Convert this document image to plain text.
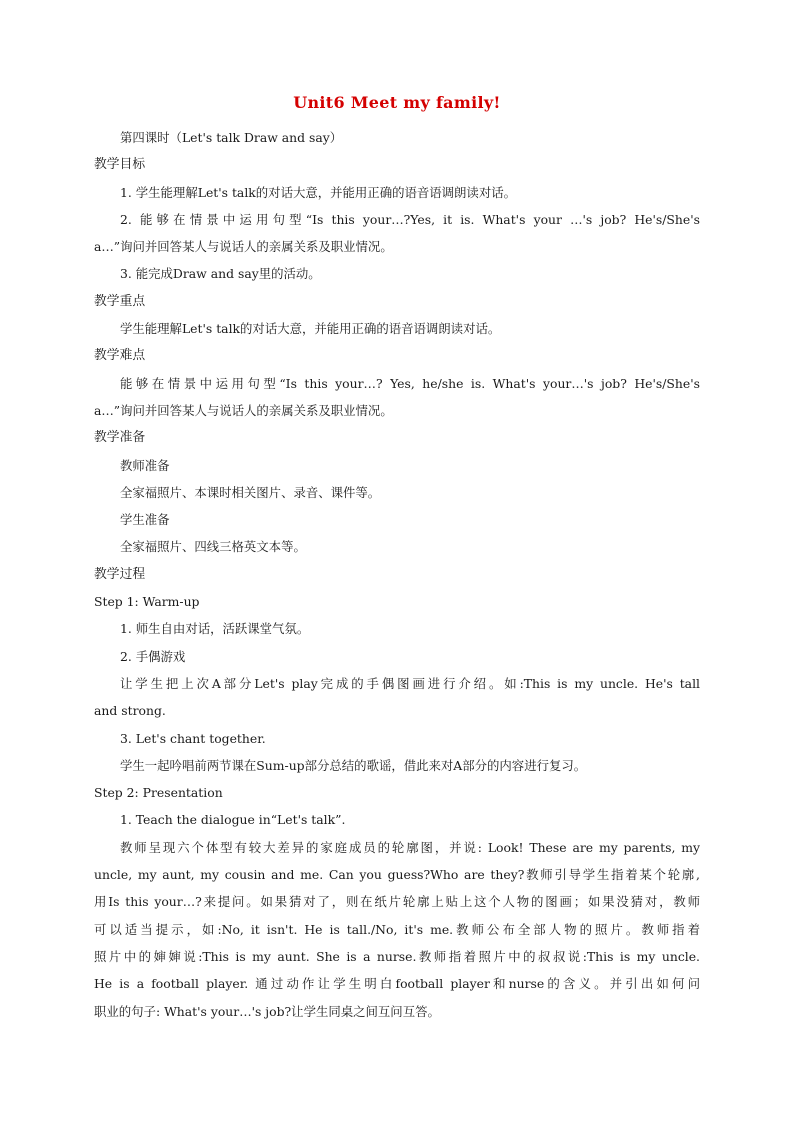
Unit6 Meet my family!
第四课时（Let's talk Draw and say）
教学目标
1. 学生能理解Let's talk的对话大意，并能用正确的语音语调朗读对话。
2. 能够在情景中运用句型“Is this your…?Yes, it is. What's your …'s job? He's/She's
a…”询问并回答某人与说话人的亲属关系及职业情况。
3. 能完成Draw and say里的活动。
教学重点
学生能理解Let's talk的对话大意，并能用正确的语音语调朗读对话。
教学难点
能够在情景中运用句型“Is this your…? Yes, he/she is. What's your…'s job? He's/She's
a…”询问并回答某人与说话人的亲属关系及职业情况。
教学准备
教师准备
全家福照片、本课时相关图片、录音、课件等。
学生准备
全家福照片、四线三格英文本等。
教学过程
Step 1: Warm-up
1. 师生自由对话，活跃课堂气氛。
2. 手偶游戏
让学生把上次A部分Let's play完成的手偶图画进行介绍。如:This is my uncle. He's tall
and strong.
3. Let's chant together.
学生一起吟唱前两节课在Sum-up部分总结的歌谣，借此来对A部分的内容进行复习。
Step 2: Presentation
1. Teach the dialogue in“Let's talk”.
教师呈现六个体型有较大差异的家庭成员的轮廓图，并说: Look! These are my parents, my
uncle, my aunt, my cousin and me. Can you guess?Who are they?教师引导学生指着某个轮廓,
用Is this your…?来提问。如果猜对了，则在纸片轮廓上贴上这个人物的图画；如果没猜对，教师
可以适当提示，如:No, it isn't. He is tall./No, it's me.教师公布全部人物的照片。教师指着
照片中的婶婶说:This is my aunt. She is a nurse.教师指着照片中的叔叔说:This is my uncle.
He is a football player. 通过动作让学生明白football player和nurse的含义。并引出如何问
职业的句子: What's your…'s job?让学生同桌之间互问互答。
